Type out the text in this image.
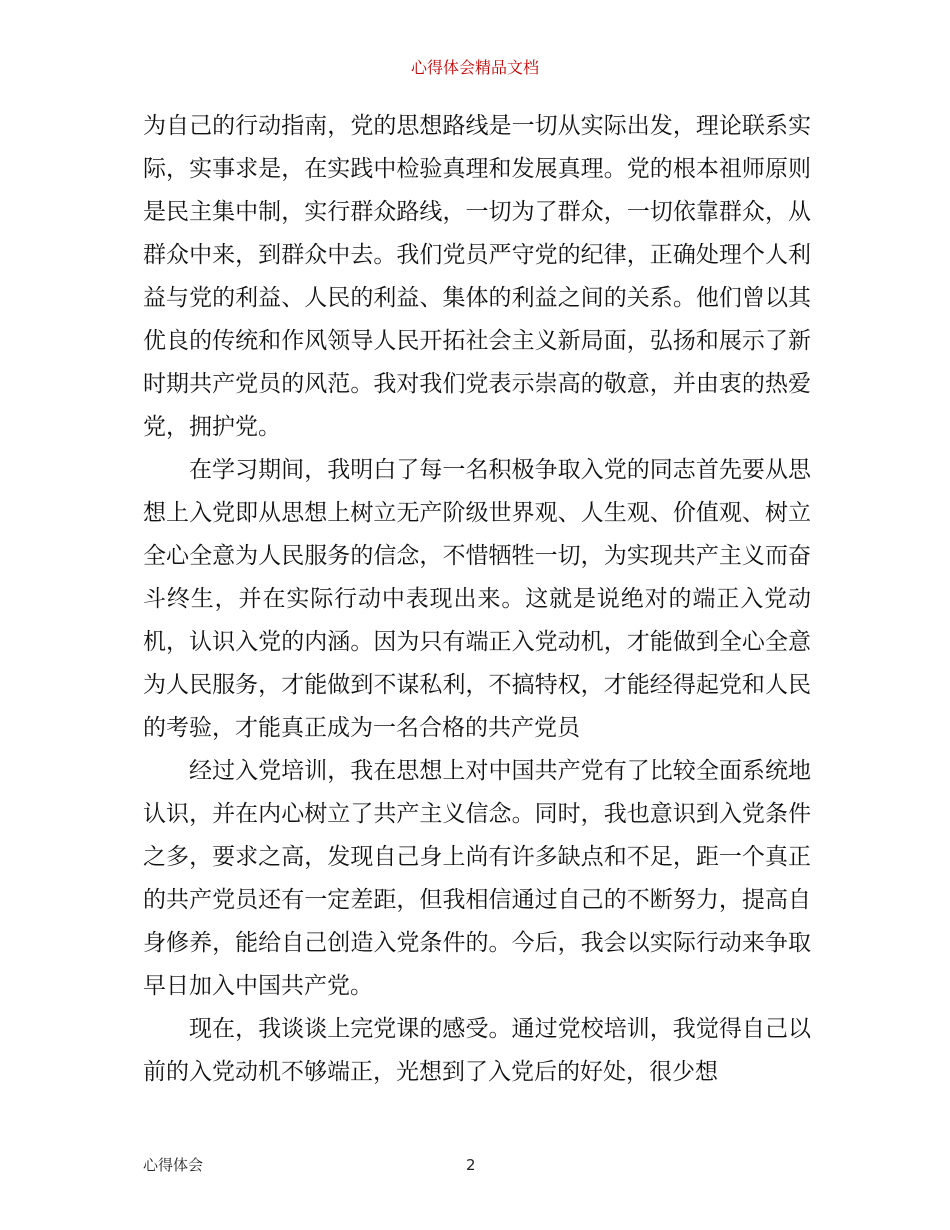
心得体会精品文档

为自己的行动指南，党的思想路线是一切从实际出发，理论联系实际，实事求是，在实践中检验真理和发展真理。党的根本祖师原则是民主集中制，实行群众路线，一切为了群众，一切依靠群众，从群众中来，到群众中去。我们党员严守党的纪律，正确处理个人利益与党的利益、人民的利益、集体的利益之间的关系。他们曾以其优良的传统和作风领导人民开拓社会主义新局面，弘扬和展示了新时期共产党员的风范。我对我们党表示崇高的敬意，并由衷的热爱党，拥护党。

在学习期间，我明白了每一名积极争取入党的同志首先要从思想上入党即从思想上树立无产阶级世界观、人生观、价值观、树立全心全意为人民服务的信念，不惜牺牲一切，为实现共产主义而奋斗终生，并在实际行动中表现出来。这就是说绝对的端正入党动机，认识入党的内涵。因为只有端正入党动机，才能做到全心全意为人民服务，才能做到不谋私利，不搞特权，才能经得起党和人民的考验，才能真正成为一名合格的共产党员

经过入党培训，我在思想上对中国共产党有了比较全面系统地认识，并在内心树立了共产主义信念。同时，我也意识到入党条件之多，要求之高，发现自己身上尚有许多缺点和不足，距一个真正的共产党员还有一定差距，但我相信通过自己的不断努力，提高自身修养，能给自己创造入党条件的。今后，我会以实际行动来争取早日加入中国共产党。

现在，我谈谈上完党课的感受。通过党校培训，我觉得自己以前的入党动机不够端正，光想到了入党后的好处，很少想

心得体会	2
